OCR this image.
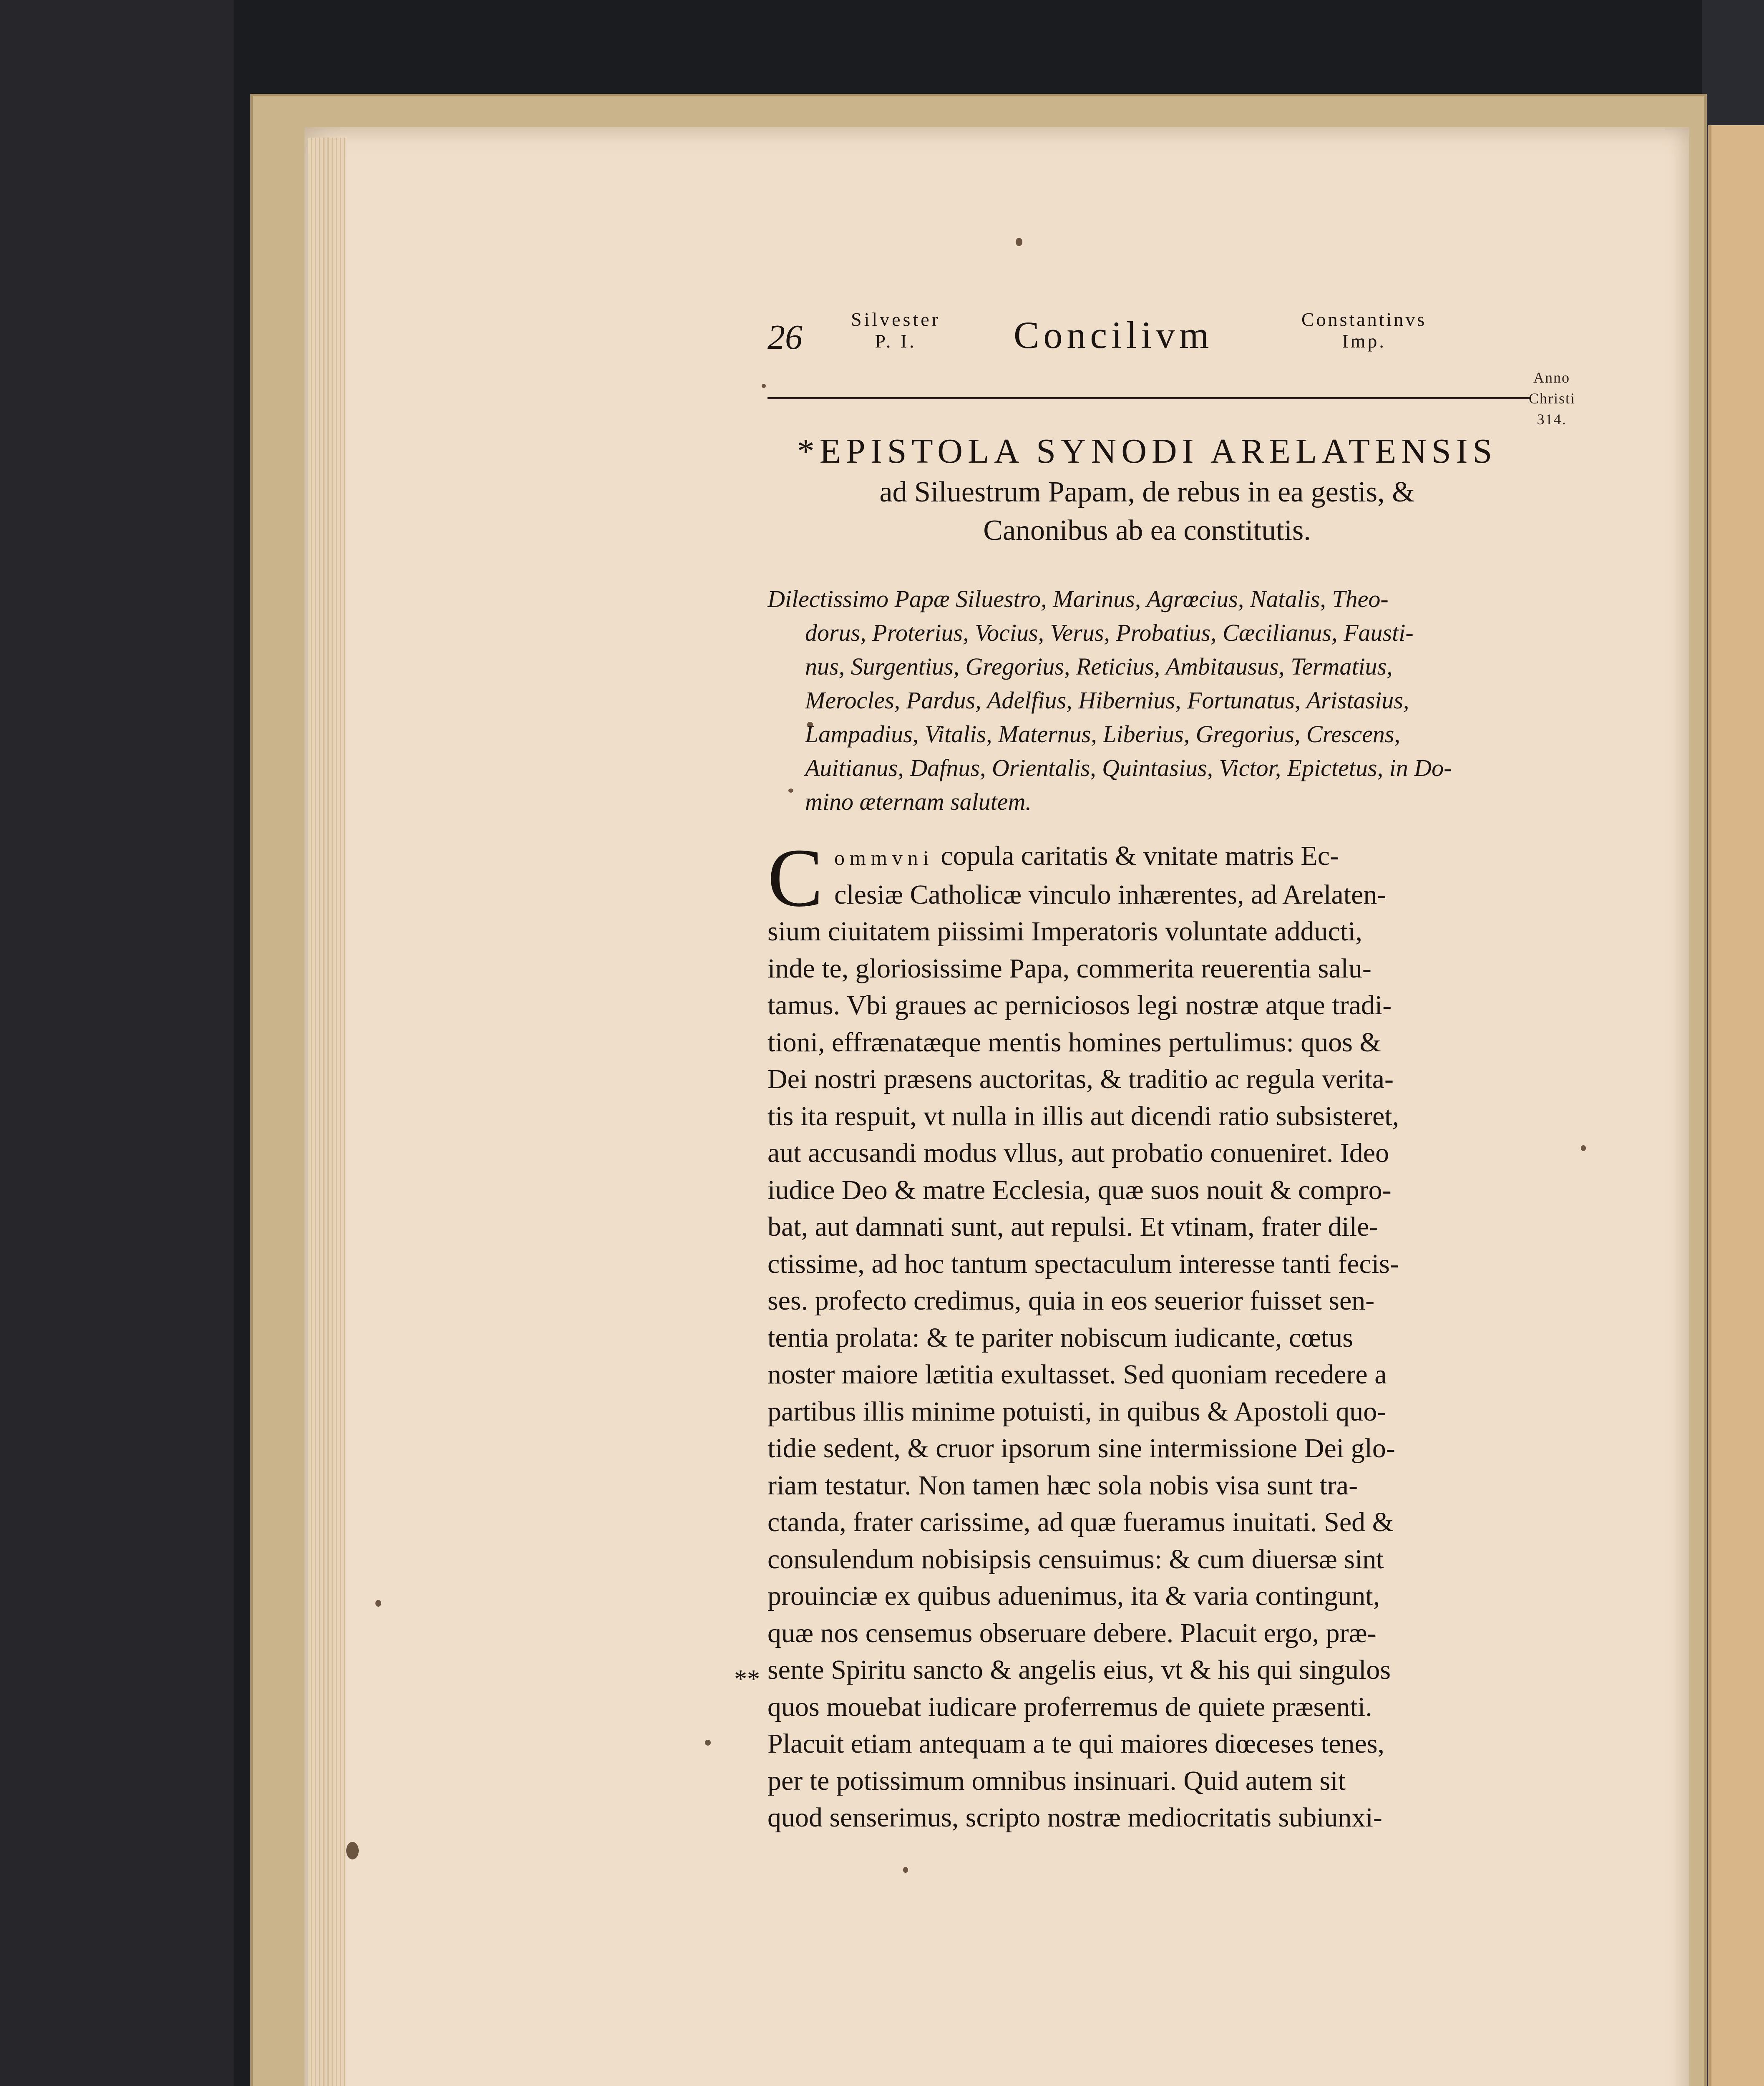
26	Silvester
P. I.	Concilivm	Constantinvs
Imp.
Anno
Christi
314.
*EPISTOLA SYNODI ARELATENSIS
ad Siluestrum Papam, de rebus in ea gestis, &
Canonibus ab ea constitutis.
Dilectissimo Papæ Siluestro, Marinus, Agrœcius, Natalis, Theo-
dorus, Proterius, Vocius, Verus, Probatius, Cæcilianus, Fausti-
nus, Surgentius, Gregorius, Reticius, Ambitausus, Termatius,
Merocles, Pardus, Adelfius, Hibernius, Fortunatus, Aristasius,
Lampadius, Vitalis, Maternus, Liberius, Gregorius, Crescens,
Auitianus, Dafnus, Orientalis, Quintasius, Victor, Epictetus, in Do-
mino æternam salutem.
C ommvni copula caritatis & vnitate matris Ec-
clesiæ Catholicæ vinculo inhærentes, ad Arelaten-
sium ciuitatem piissimi Imperatoris voluntate adducti,
inde te, gloriosissime Papa, commerita reuerentia salu-
tamus. Vbi graues ac perniciosos legi nostræ atque tradi-
tioni, effrænatæque mentis homines pertulimus: quos &
Dei nostri præsens auctoritas, & traditio ac regula verita-
tis ita respuit, vt nulla in illis aut dicendi ratio subsisteret,
aut accusandi modus vllus, aut probatio conueniret. Ideo
iudice Deo & matre Ecclesia, quæ suos nouit & compro-
bat, aut damnati sunt, aut repulsi. Et vtinam, frater dile-
ctissime, ad hoc tantum spectaculum interesse tanti fecis-
ses. profecto credimus, quia in eos seuerior fuisset sen-
tentia prolata: & te pariter nobiscum iudicante, cœtus
noster maiore lætitia exultasset. Sed quoniam recedere a
partibus illis minime potuisti, in quibus & Apostoli quo-
tidie sedent, & cruor ipsorum sine intermissione Dei glo-
riam testatur. Non tamen hæc sola nobis visa sunt tra-
ctanda, frater carissime, ad quæ fueramus inuitati. Sed &
consulendum nobisipsis censuimus: & cum diuersæ sint
prouinciæ ex quibus aduenimus, ita & varia contingunt,
quæ nos censemus obseruare debere. Placuit ergo, præ-
sente Spiritu sancto & angelis eius, vt & his qui singulos
quos mouebat iudicare proferremus de quiete præsenti.
Placuit etiam antequam a te qui maiores diœceses tenes,
per te potissimum omnibus insinuari. Quid autem sit
quod senserimus, scripto nostræ mediocritatis subiunxi-
**
